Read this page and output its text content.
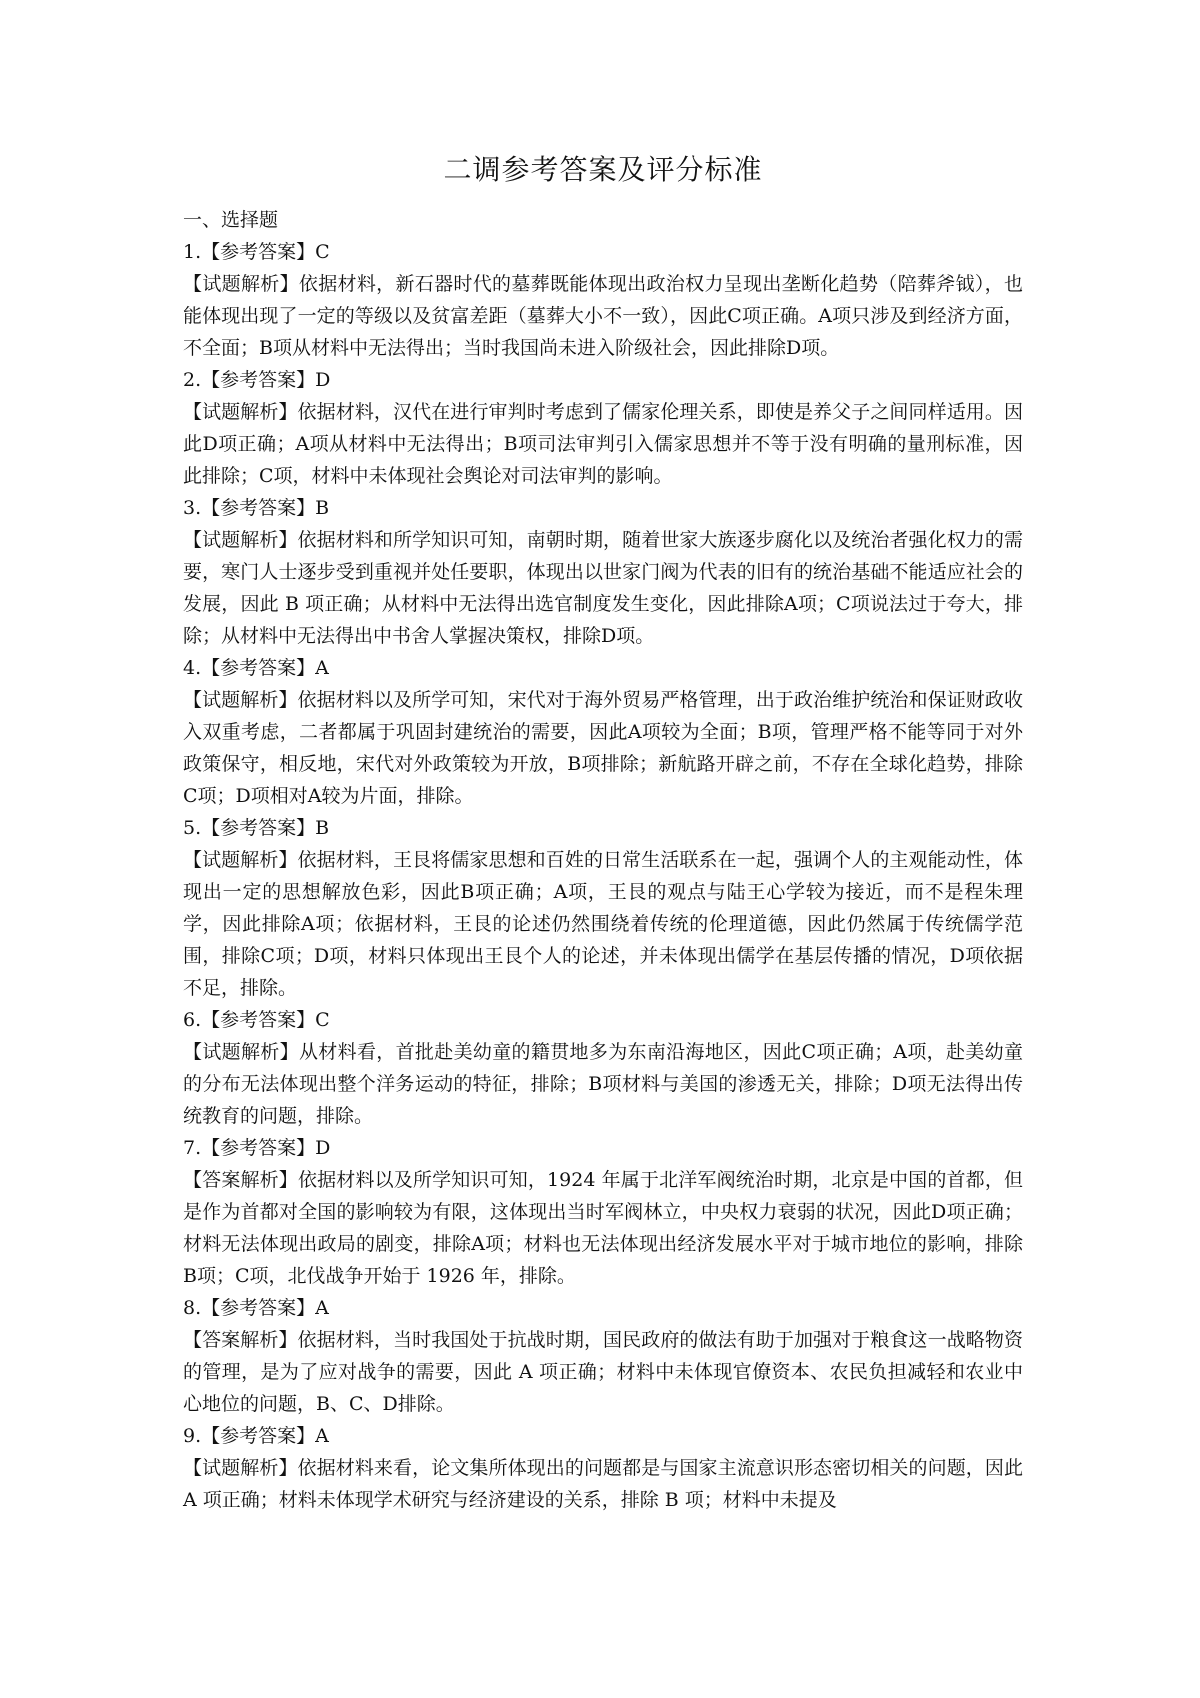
二调参考答案及评分标准

一、选择题

1.【参考答案】C

【试题解析】依据材料，新石器时代的墓葬既能体现出政治权力呈现出垄断化趋势（陪葬斧钺），也能体现出现了一定的等级以及贫富差距（墓葬大小不一致），因此C项正确。A项只涉及到经济方面，不全面；B项从材料中无法得出；当时我国尚未进入阶级社会，因此排除D项。

2.【参考答案】D

【试题解析】依据材料，汉代在进行审判时考虑到了儒家伦理关系，即使是养父子之间同样适用。因此D项正确；A项从材料中无法得出；B项司法审判引入儒家思想并不等于没有明确的量刑标准，因此排除；C项，材料中未体现社会舆论对司法审判的影响。

3.【参考答案】B

【试题解析】依据材料和所学知识可知，南朝时期，随着世家大族逐步腐化以及统治者强化权力的需要，寒门人士逐步受到重视并处任要职，体现出以世家门阀为代表的旧有的统治基础不能适应社会的发展，因此 B 项正确；从材料中无法得出选官制度发生变化，因此排除A项；C项说法过于夸大，排除；从材料中无法得出中书舍人掌握决策权，排除D项。

4.【参考答案】A

【试题解析】依据材料以及所学可知，宋代对于海外贸易严格管理，出于政治维护统治和保证财政收入双重考虑，二者都属于巩固封建统治的需要，因此A项较为全面；B项，管理严格不能等同于对外政策保守，相反地，宋代对外政策较为开放，B项排除；新航路开辟之前，不存在全球化趋势，排除C项；D项相对A较为片面，排除。

5.【参考答案】B

【试题解析】依据材料，王艮将儒家思想和百姓的日常生活联系在一起，强调个人的主观能动性，体现出一定的思想解放色彩，因此B项正确；A项，王艮的观点与陆王心学较为接近，而不是程朱理学，因此排除A项；依据材料，王艮的论述仍然围绕着传统的伦理道德，因此仍然属于传统儒学范围，排除C项；D项，材料只体现出王艮个人的论述，并未体现出儒学在基层传播的情况，D项依据不足，排除。

6.【参考答案】C

【试题解析】从材料看，首批赴美幼童的籍贯地多为东南沿海地区，因此C项正确；A项，赴美幼童的分布无法体现出整个洋务运动的特征，排除；B项材料与美国的渗透无关，排除；D项无法得出传统教育的问题，排除。

7.【参考答案】D

【答案解析】依据材料以及所学知识可知，1924 年属于北洋军阀统治时期，北京是中国的首都，但是作为首都对全国的影响较为有限，这体现出当时军阀林立，中央权力衰弱的状况，因此D项正确；材料无法体现出政局的剧变，排除A项；材料也无法体现出经济发展水平对于城市地位的影响，排除B项；C项，北伐战争开始于 1926 年，排除。

8.【参考答案】A

【答案解析】依据材料，当时我国处于抗战时期，国民政府的做法有助于加强对于粮食这一战略物资的管理，是为了应对战争的需要，因此 A 项正确；材料中未体现官僚资本、农民负担减轻和农业中心地位的问题，B、C、D排除。

9.【参考答案】A

【试题解析】依据材料来看，论文集所体现出的问题都是与国家主流意识形态密切相关的问题，因此 A 项正确；材料未体现学术研究与经济建设的关系，排除 B 项；材料中未提及
